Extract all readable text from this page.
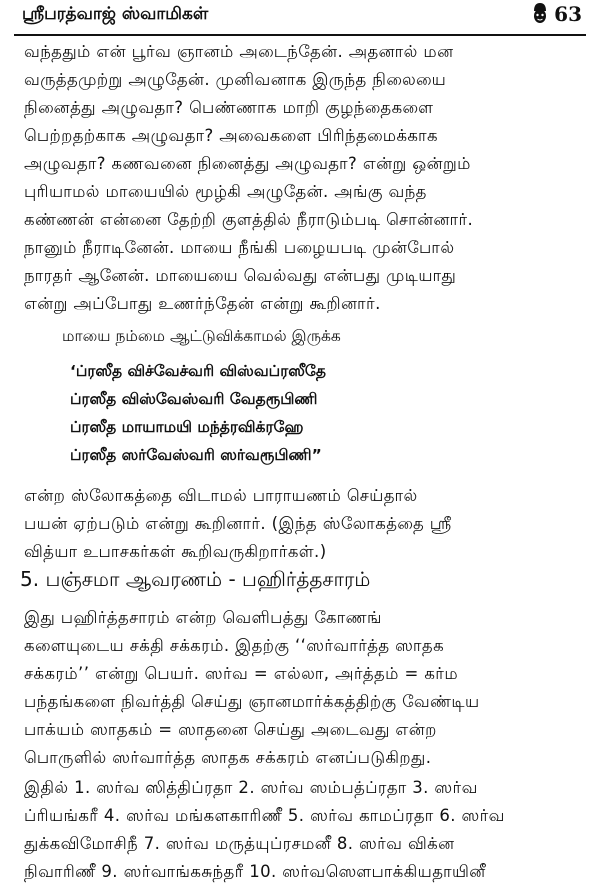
ஸ்ரீபரத்வாஜ் ஸ்வாமிகள்	63
வந்ததும் என் பூர்வ ஞானம் அடைந்தேன். அதனால் மன
வருத்தமுற்று அழுதேன். முனிவனாக இருந்த நிலையை
நினைத்து அழுவதா? பெண்ணாக மாறி குழந்தைகளை
பெற்றதற்காக அழுவதா? அவைகளை பிரிந்தமைக்காக
அழுவதா? கணவனை நினைத்து அழுவதா? என்று ஒன்றும்
புரியாமல் மாயையில் மூழ்கி அழுதேன். அங்கு வந்த
கண்ணன் என்னை தேற்றி குளத்தில் நீராடும்படி சொன்னார்.
நானும் நீராடினேன். மாயை நீங்கி பழையபடி முன்போல்
நாரதர் ஆனேன். மாயையை வெல்வது என்பது முடியாது
என்று அப்போது உணர்ந்தேன் என்று கூறினார்.
மாயை நம்மை ஆட்டுவிக்காமல் இருக்க
‘ப்ரஸீத விச்வேச்வரி விஸ்வப்ரஸீதே
ப்ரஸீத விஸ்வேஸ்வரி வேதரூபிணி
ப்ரஸீத மாயாமயி மந்த்ரவிக்ரஹே
ப்ரஸீத ஸர்வேஸ்வரி ஸர்வரூபிணி”
என்ற ஸ்லோகத்தை விடாமல் பாராயணம் செய்தால்
பயன் ஏற்படும் என்று கூறினார். (இந்த ஸ்லோகத்தை ஸ்ரீ
வித்யா உபாசகர்கள் கூறிவருகிறார்கள்.)
5. பஞ்சமா ஆவரணம் - பஹிர்த்தசாரம்
இது பஹிர்த்தசாரம் என்ற வெளிபத்து கோணங்
களையுடைய சக்தி சக்கரம். இதற்கு ‘‘ஸர்வார்த்த ஸாதக
சக்கரம்’’ என்று பெயர். ஸர்வ = எல்லா, அர்த்தம் = கர்ம
பந்தங்களை நிவர்த்தி செய்து ஞானமார்க்கத்திற்கு வேண்டிய
பாக்யம் ஸாதகம் = ஸாதனை செய்து அடைவது என்ற
பொருளில் ஸர்வார்த்த ஸாதக சக்கரம் எனப்படுகிறது.
இதில் 1. ஸர்வ ஸித்திப்ரதா 2. ஸர்வ ஸம்பத்ப்ரதா 3. ஸர்வ
ப்ரியங்கரீ 4. ஸர்வ மங்களகாரிணீ 5. ஸர்வ காமப்ரதா 6. ஸர்வ
துக்கவிமோசிநீ 7. ஸர்வ மருத்யுப்ரசமனீ 8. ஸர்வ விக்ன
நிவாரிணீ 9. ஸர்வாங்கசுந்தரீ 10. ஸர்வஸௌபாக்கியதாயினீ
